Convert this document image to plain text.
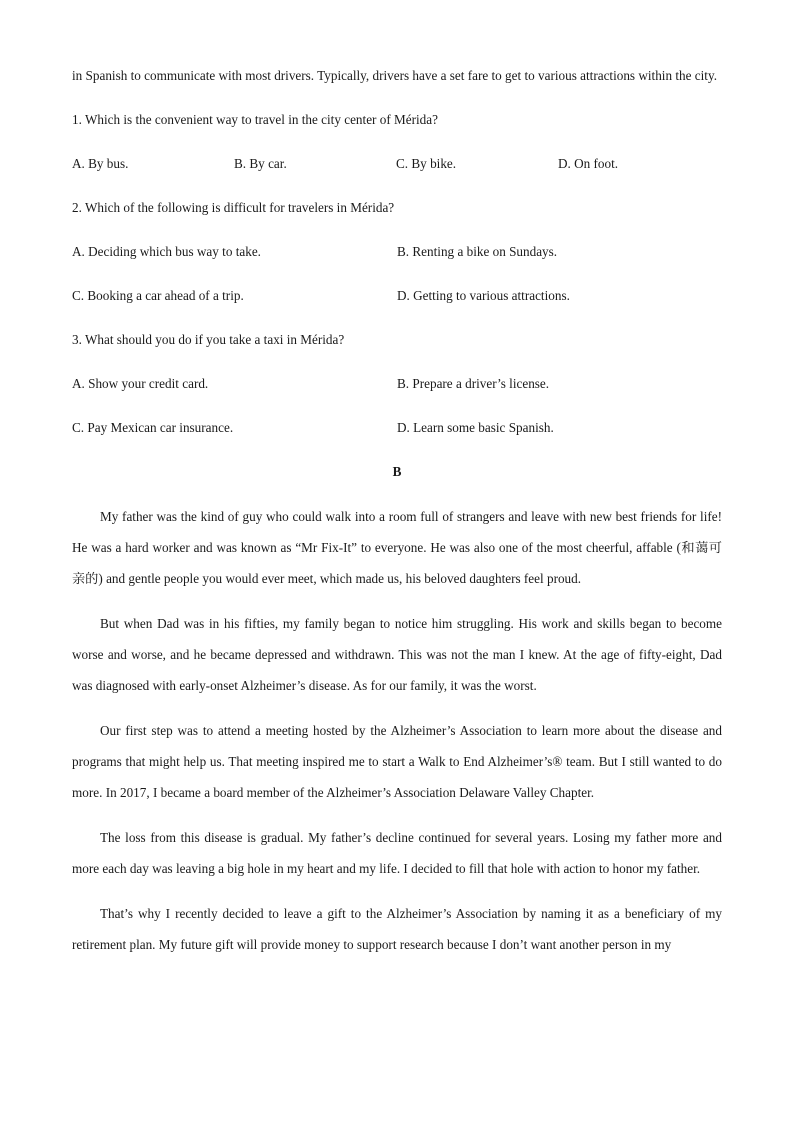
in Spanish to communicate with most drivers. Typically, drivers have a set fare to get to various attractions within the city.

1. Which is the convenient way to travel in the city center of Mérida?
A. By bus.	B. By car.	C. By bike.	D. On foot.
2. Which of the following is difficult for travelers in Mérida?
A. Deciding which bus way to take.	B. Renting a bike on Sundays.
C. Booking a car ahead of a trip.	D. Getting to various attractions.
3. What should you do if you take a taxi in Mérida?
A. Show your credit card.	B. Prepare a driver’s license.
C. Pay Mexican car insurance.	D. Learn some basic Spanish.
B

My father was the kind of guy who could walk into a room full of strangers and leave with new best friends for life! He was a hard worker and was known as “Mr Fix-It” to everyone. He was also one of the most cheerful, affable (和蔼可亲的) and gentle people you would ever meet, which made us, his beloved daughters feel proud.

But when Dad was in his fifties, my family began to notice him struggling. His work and skills began to become worse and worse, and he became depressed and withdrawn. This was not the man I knew. At the age of fifty-eight, Dad was diagnosed with early-onset Alzheimer’s disease. As for our family, it was the worst.

Our first step was to attend a meeting hosted by the Alzheimer’s Association to learn more about the disease and programs that might help us. That meeting inspired me to start a Walk to End Alzheimer’s® team. But I still wanted to do more. In 2017, I became a board member of the Alzheimer’s Association Delaware Valley Chapter.

The loss from this disease is gradual. My father’s decline continued for several years. Losing my father more and more each day was leaving a big hole in my heart and my life. I decided to fill that hole with action to honor my father.

That’s why I recently decided to leave a gift to the Alzheimer’s Association by naming it as a beneficiary of my retirement plan. My future gift will provide money to support research because I don’t want another person in my
